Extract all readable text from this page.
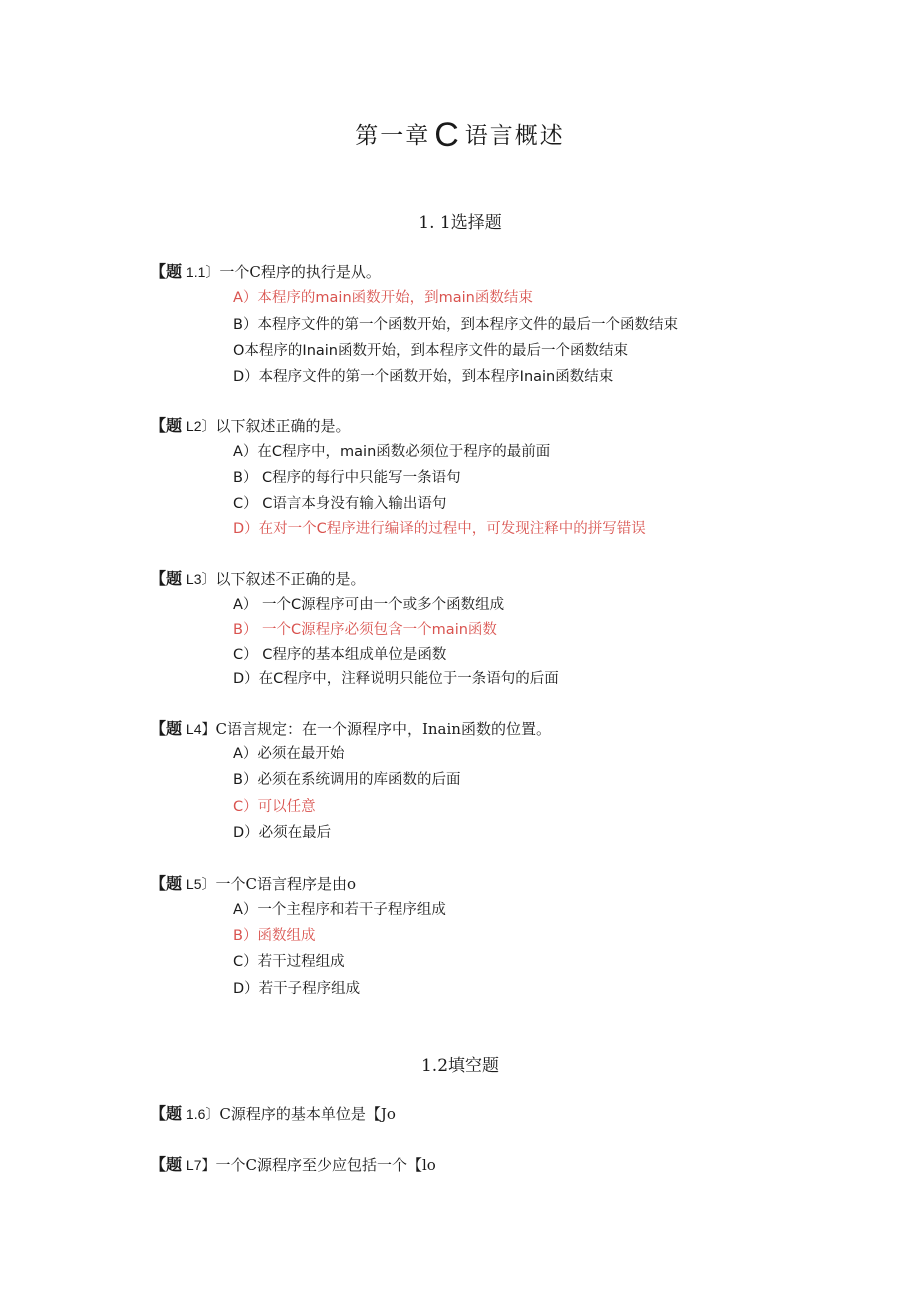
第一章 C 语言概述
1. 1选择题
【题 1.1〕一个C程序的执行是从。
A）本程序的main函数开始，到main函数结束
B）本程序文件的第一个函数开始，到本程序文件的最后一个函数结束
O本程序的Inain函数开始，到本程序文件的最后一个函数结束
D）本程序文件的第一个函数开始，到本程序Inain函数结束
【题 L2〕以下叙述正确的是。
A）在C程序中，main函数必须位于程序的最前面
B） C程序的每行中只能写一条语句
C） C语言本身没有输入输出语句
D）在对一个C程序进行编译的过程中，可发现注释中的拼写错误
【题 L3〕以下叙述不正确的是。
A） 一个C源程序可由一个或多个函数组成
B） 一个C源程序必须包含一个main函数
C） C程序的基本组成单位是函数
D）在C程序中，注释说明只能位于一条语句的后面
【题 L4】C语言规定：在一个源程序中，Inain函数的位置。
A）必须在最开始
B）必须在系统调用的库函数的后面
C）可以任意
D）必须在最后
【题 L5〕一个C语言程序是由o
A）一个主程序和若干子程序组成
B）函数组成
C）若干过程组成
D）若干子程序组成
1.2填空题
【题 1.6〕C源程序的基本单位是【Jo
【题 L7】一个C源程序至少应包括一个【lo
